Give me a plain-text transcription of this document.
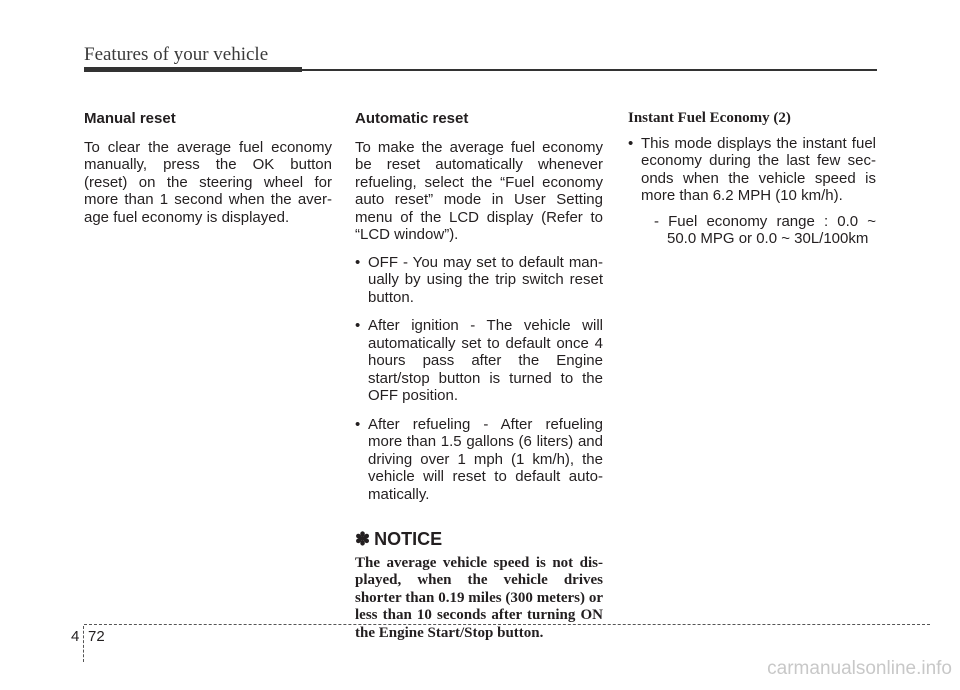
Features of your vehicle

Manual reset

To clear the average fuel economy manually, press the OK button (reset) on the steering wheel for more than 1 second when the aver-age fuel economy is displayed.

Automatic reset

To make the average fuel economy be reset automatically whenever refueling, select the “Fuel economy auto reset” mode in User Setting menu of the LCD display (Refer to “LCD window”).

• OFF - You may set to default man-ually by using the trip switch reset button.
• After ignition - The vehicle will automatically set to default once 4 hours pass after the Engine start/stop button is turned to the OFF position.
• After refueling - After refueling more than 1.5 gallons (6 liters) and driving over 1 mph (1 km/h), the vehicle will reset to default auto-matically.
✽ NOTICE

The average vehicle speed is not dis-played, when the vehicle drives shorter than 0.19 miles (300 meters) or less than 10 seconds after turning ON the Engine Start/Stop button.

Instant Fuel Economy (2)

• This mode displays the instant fuel economy during the last few sec-onds when the vehicle speed is more than 6.2 MPH (10 km/h).
- Fuel economy range : 0.0 ~ 50.0 MPG or 0.0 ~ 30L/100km
4 72
carmanualsonline.info
